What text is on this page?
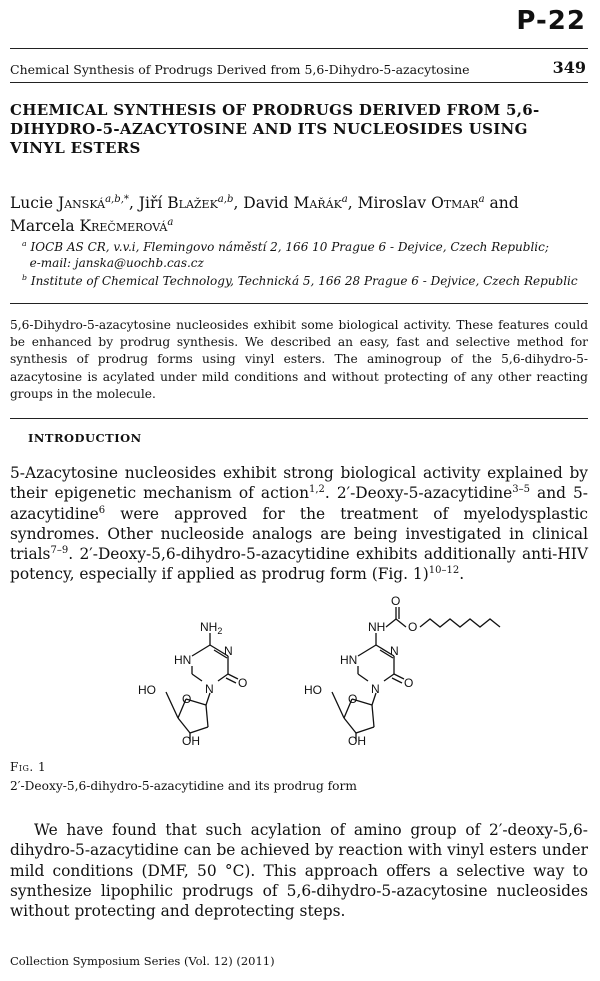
P-22
Chemical Synthesis of Prodrugs Derived from 5,6-Dihydro-5-azacytosine	349
CHEMICAL SYNTHESIS OF PRODRUGS DERIVED FROM 5,6-DIHYDRO-5-AZACYTOSINE AND ITS NUCLEOSIDES USING VINYL ESTERS
Lucie Janská$^{a,b,*}$, Jiří Blažek$^{a,b}$, David Mařák$^a$, Miroslav Otmar$^a$ and
Marcela Krečmerová$^a$
$^a$ IOCB AS CR, v.v.i, Flemingovo náměstí 2, 166 10 Prague 6 - Dejvice, Czech Republic;
e-mail: janska@uochb.cas.cz
$^b$ Institute of Chemical Technology, Technická 5, 166 28 Prague 6 - Dejvice, Czech Republic
5,6-Dihydro-5-azacytosine nucleosides exhibit some biological activity. These features could be enhanced by prodrug synthesis. We described an easy, fast and selective method for synthesis of prodrug forms using vinyl esters. The aminogroup of the 5,6-dihydro-5-azacytosine is acylated under mild conditions and without protecting of any other reacting groups in the molecule.
INTRODUCTION
5-Azacytosine nucleosides exhibit strong biological activity explained by their epigenetic mechanism of action$^{1,2}$. 2′-Deoxy-5-azacytidine$^{3-5}$ and 5-azacytidine$^6$ were approved for the treatment of myelodysplastic syndromes. Other nucleoside analogs are being investigated in clinical trials$^{7-9}$. 2′-Deoxy-5,6-dihydro-5-azacytidine exhibits additionally anti-HIV potency, especially if applied as prodrug form (Fig. 1)$^{10-12}$.
$NH_2$
N
HN
N O
O
HO
OH
NH
O
O
N
HN
N O
O
HO
OH
Fig. 1
2′-Deoxy-5,6-dihydro-5-azacytidine and its prodrug form
We have found that such acylation of amino group of 2′-deoxy-5,6-dihydro-5-azacytidine can be achieved by reaction with vinyl esters under mild conditions (DMF, 50 °C). This approach offers a selective way to synthesize lipophilic prodrugs of 5,6-dihydro-5-azacytosine nucleosides without protecting and deprotecting steps.
Collection Symposium Series (Vol. 12) (2011)
